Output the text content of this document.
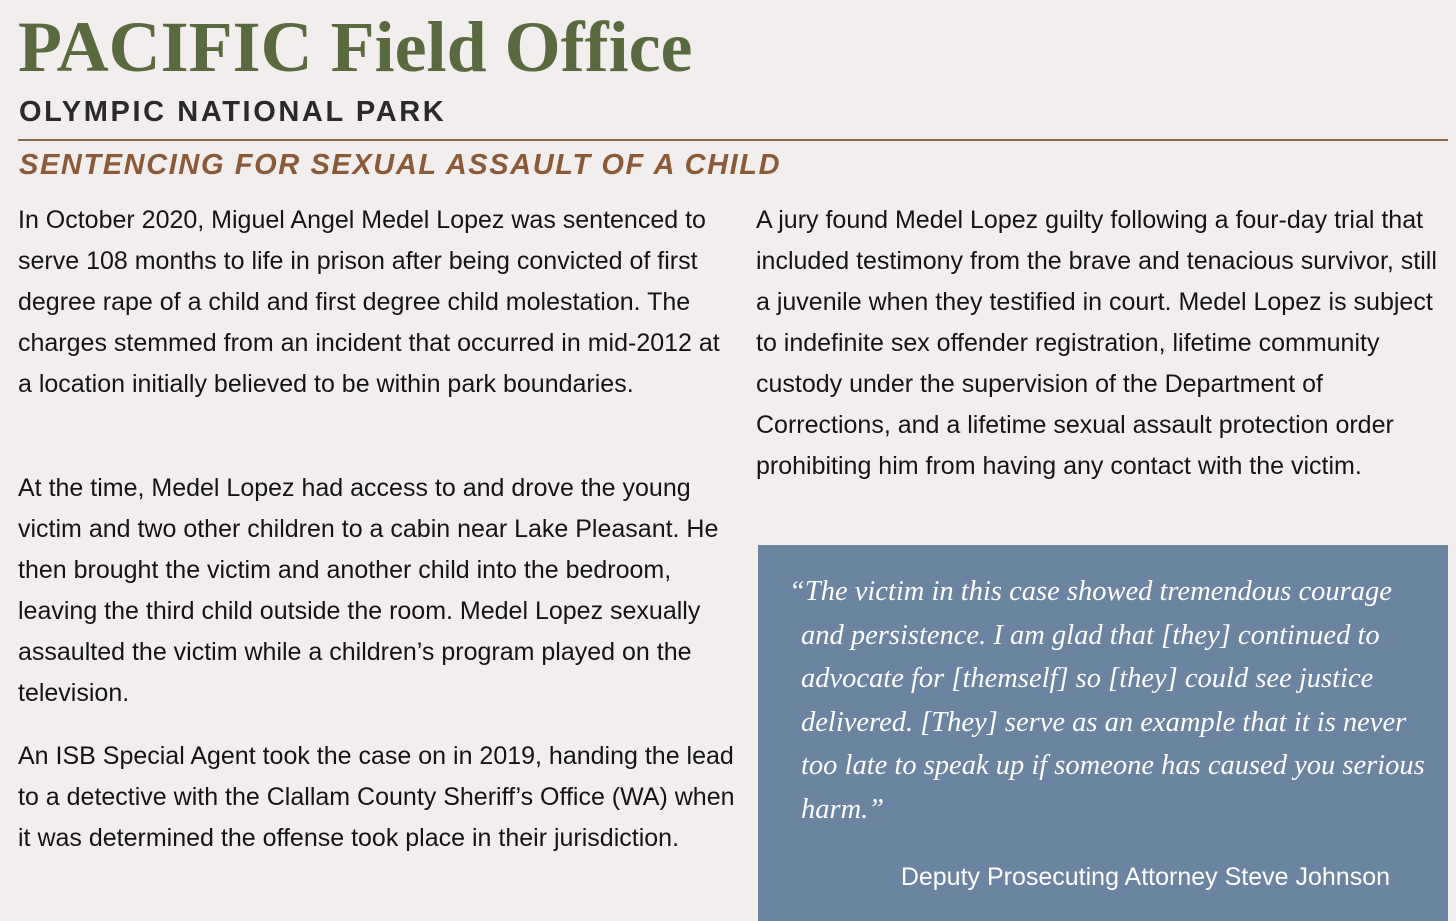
PACIFIC Field Office
OLYMPIC NATIONAL PARK
SENTENCING FOR SEXUAL ASSAULT OF A CHILD

In October 2020, Miguel Angel Medel Lopez was sentenced to serve 108 months to life in prison after being convicted of first degree rape of a child and first degree child molestation. The charges stemmed from an incident that occurred in mid-2012 at a location initially believed to be within park boundaries.

At the time, Medel Lopez had access to and drove the young victim and two other children to a cabin near Lake Pleasant. He then brought the victim and another child into the bedroom, leaving the third child outside the room. Medel Lopez sexually assaulted the victim while a children’s program played on the television.

An ISB Special Agent took the case on in 2019, handing the lead to a detective with the Clallam County Sheriff’s Office (WA) when it was determined the offense took place in their jurisdiction.

A jury found Medel Lopez guilty following a four-day trial that included testimony from the brave and tenacious survivor, still a juvenile when they testified in court. Medel Lopez is subject to indefinite sex offender registration, lifetime community custody under the supervision of the Department of Corrections, and a lifetime sexual assault protection order prohibiting him from having any contact with the victim.

“The victim in this case showed tremendous courage and persistence. I am glad that [they] continued to advocate for [themself] so [they] could see justice delivered. [They] serve as an example that it is never too late to speak up if someone has caused you serious harm.”

Deputy Prosecuting Attorney Steve Johnson
